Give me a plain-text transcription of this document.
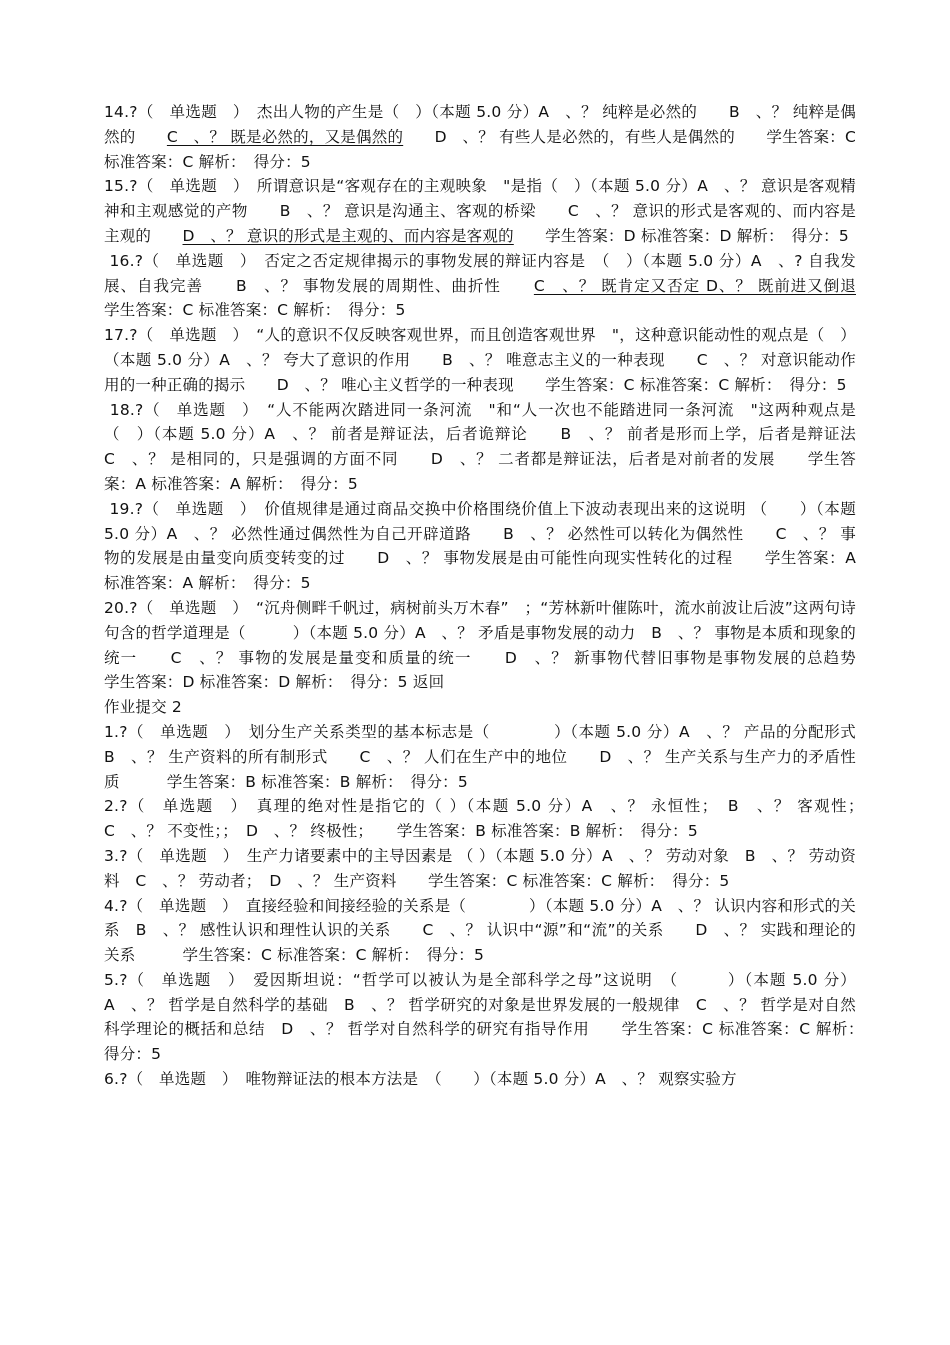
14.?（　单选题　）　杰出人物的产生是（　）（本题 5.0 分）A　、？ 纯粹是必然的　　B　、？ 纯粹是偶然的　　C　、？ 既是必然的，又是偶然的　　D　、？ 有些人是必然的，有些人是偶然的　　学生答案：C 标准答案：C 解析：　得分：5

15.?（　单选题　）　所谓意识是“客观存在的主观映象　"是指（　）（本题 5.0 分）A　、？ 意识是客观精神和主观感觉的产物　　B　、？ 意识是沟通主、客观的桥梁　　C　、？ 意识的形式是客观的、而内容是主观的　　D　、？ 意识的形式是主观的、而内容是客观的　　学生答案：D 标准答案：D 解析：　得分：5

16.?（　单选题　）　否定之否定规律揭示的事物发展的辩证内容是　（　）（本题 5.0 分）A　、? 自我发展、自我完善　　B　、？ 事物发展的周期性、曲折性　　C　、？ 既肯定又否定 D、？ 既前进又倒退　　学生答案：C 标准答案：C 解析：　得分：5

17.?（　单选题　）　“人的意识不仅反映客观世界，而且创造客观世界　"，这种意识能动性的观点是（　）（本题 5.0 分）A　、？ 夸大了意识的作用　　B　、？ 唯意志主义的一种表现　　C　、？ 对意识能动作用的一种正确的揭示　　D　、？ 唯心主义哲学的一种表现　　学生答案：C 标准答案：C 解析：　得分：5

18.?（　单选题　）　“人不能两次踏进同一条河流　"和“人一次也不能踏进同一条河流　"这两种观点是（　）（本题 5.0 分）A　、？ 前者是辩证法，后者诡辩论　　B　、？ 前者是形而上学，后者是辩证法　　C　、？ 是相同的，只是强调的方面不同　　D　、？ 二者都是辩证法，后者是对前者的发展　　学生答案：A 标准答案：A 解析：　得分：5

19.?（　单选题　）　价值规律是通过商品交换中价格围绕价值上下波动表现出来的这说明 （　　）（本题 5.0 分）A　、？ 必然性通过偶然性为自己开辟道路　　B　、？ 必然性可以转化为偶然性　　C　、？ 事物的发展是由量变向质变转变的过　　D　、？ 事物发展是由可能性向现实性转化的过程　　学生答案：A 标准答案：A 解析：　得分：5

20.?（　单选题　）　“沉舟侧畔千帆过，病树前头万木春”　；“芳林新叶催陈叶，流水前波让后波”这两句诗句含的哲学道理是（　　　）（本题 5.0 分）A　、？ 矛盾是事物发展的动力　B　、？ 事物是本质和现象的统一　　C　、？ 事物的发展是量变和质量的统一　　D　、？ 新事物代替旧事物是事物发展的总趋势　　　学生答案：D 标准答案：D 解析：　得分：5 返回

作业提交 2

1.?（　单选题　）　划分生产关系类型的基本标志是（　　　　）（本题 5.0 分）A　、？ 产品的分配形式　B　、？ 生产资料的所有制形式　　C　、？ 人们在生产中的地位　　D　、？ 生产关系与生产力的矛盾性质　　　学生答案：B 标准答案：B 解析：　得分：5

2.?（　单选题　）　真理的绝对性是指它的（ ）（本题 5.0 分）A　、？ 永恒性；　B　、？ 客观性；　C　、？ 不变性；；　D　、？ 终极性；　　学生答案：B 标准答案：B 解析：　得分：5

3.?（　单选题　）　生产力诸要素中的主导因素是 （ ）（本题 5.0 分）A　、？ 劳动对象　B　、？ 劳动资料　C　、？ 劳动者；　D　、？ 生产资料　　学生答案：C 标准答案：C 解析：　得分：5

4.?（　单选题　）　直接经验和间接经验的关系是（　　　　）（本题 5.0 分）A　、？ 认识内容和形式的关系　B　、？ 感性认识和理性认识的关系　　C　、？ 认识中“源”和“流”的关系　　D　、？ 实践和理论的关系　　　学生答案：C 标准答案：C 解析：　得分：5

5.?（　单选题　）　爱因斯坦说：“哲学可以被认为是全部科学之母”这说明　（　　　）（本题 5.0 分）A　、？ 哲学是自然科学的基础　B　、？ 哲学研究的对象是世界发展的一般规律　C　、？ 哲学是对自然科学理论的概括和总结　D　、？ 哲学对自然科学的研究有指导作用　　学生答案：C 标准答案：C 解析：　得分：5

6.?（　单选题　）　唯物辩证法的根本方法是　（　　）（本题 5.0 分）A　、？ 观察实验方
